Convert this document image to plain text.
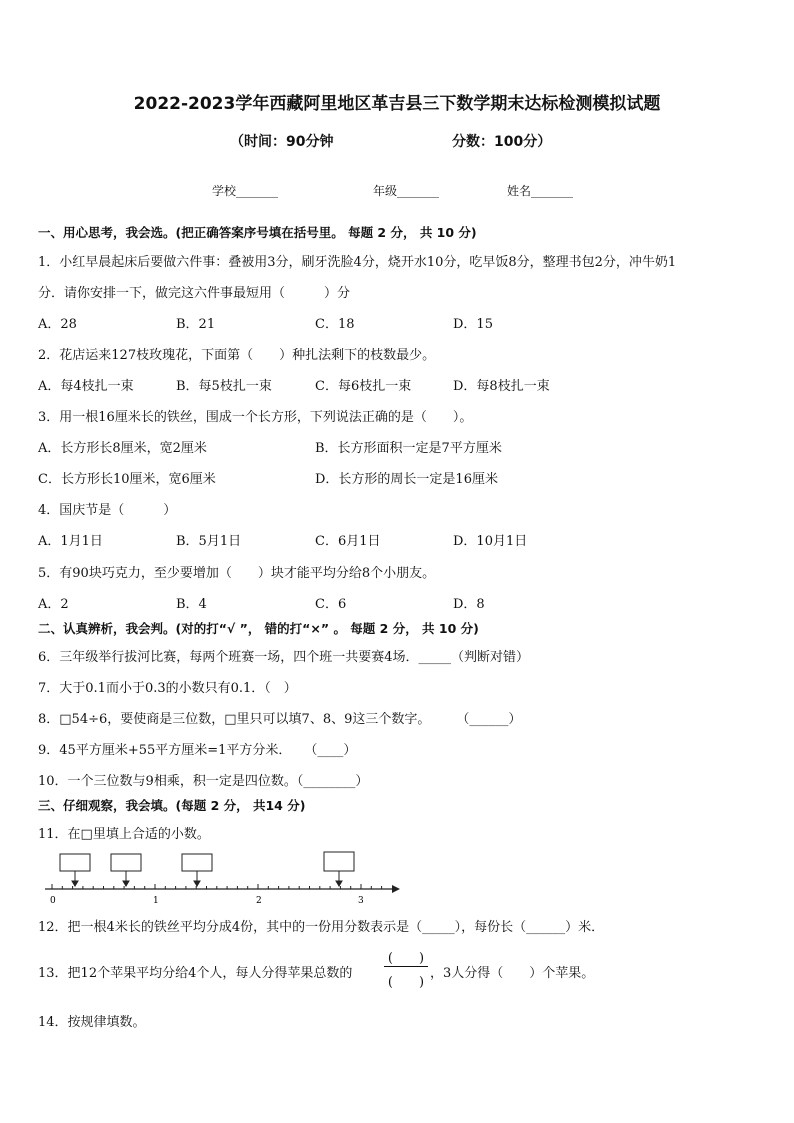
2022-2023学年西藏阿里地区革吉县三下数学期末达标检测模拟试题
（时间：90分钟	分数：100分）
学校_______	年级_______	姓名_______
一、用心思考，我会选。(把正确答案序号填在括号里。 每题 2 分， 共 10 分)
1．小红早晨起床后要做六件事：叠被用3分，刷牙洗脸4分，烧开水10分，吃早饭8分，整理书包2分，冲牛奶1
分．请你安排一下，做完这六件事最短用（　　　）分
A．28	B．21	C．18	D．15
2．花店运来127枝玫瑰花，下面第（　　）种扎法剩下的枝数最少。
A．每4枝扎一束	B．每5枝扎一束	C．每6枝扎一束	D．每8枝扎一束
3．用一根16厘米长的铁丝，围成一个长方形，下列说法正确的是（　　）。
A．长方形长8厘米，宽2厘米	B．长方形面积一定是7平方厘米
C．长方形长10厘米，宽6厘米	D．长方形的周长一定是16厘米
4．国庆节是（　　　）
A．1月1日	B．5月1日	C．6月1日	D．10月1日
5．有90块巧克力，至少要增加（　　）块才能平均分给8个小朋友。
A．2	B．4	C．6	D．8
二、认真辨析，我会判。(对的打“√ ”， 错的打“×” 。 每题 2 分， 共 10 分)
6．三年级举行拔河比赛，每两个班赛一场，四个班一共要赛4场．_____（判断对错）
7．大于0.1而小于0.3的小数只有0.1．（　）
8．□54÷6，要使商是三位数，□里只可以填7、8、9这三个数字。　　　（______）
9．45平方厘米+55平方厘米=1平方分米．　　（____）
10．一个三位数与9相乘，积一定是四位数。（________）
三、仔细观察，我会填。(每题 2 分， 共14 分)
11．在□里填上合适的小数。
0	1	2	3
12．把一根4米长的铁丝平均分成4份，其中的一份用分数表示是（_____），每份长（______）米．
13．把12个苹果平均分给4个人，每人分得苹果总数的
(　　)
(　　)
，3人分得（　　）个苹果。
14．按规律填数。
